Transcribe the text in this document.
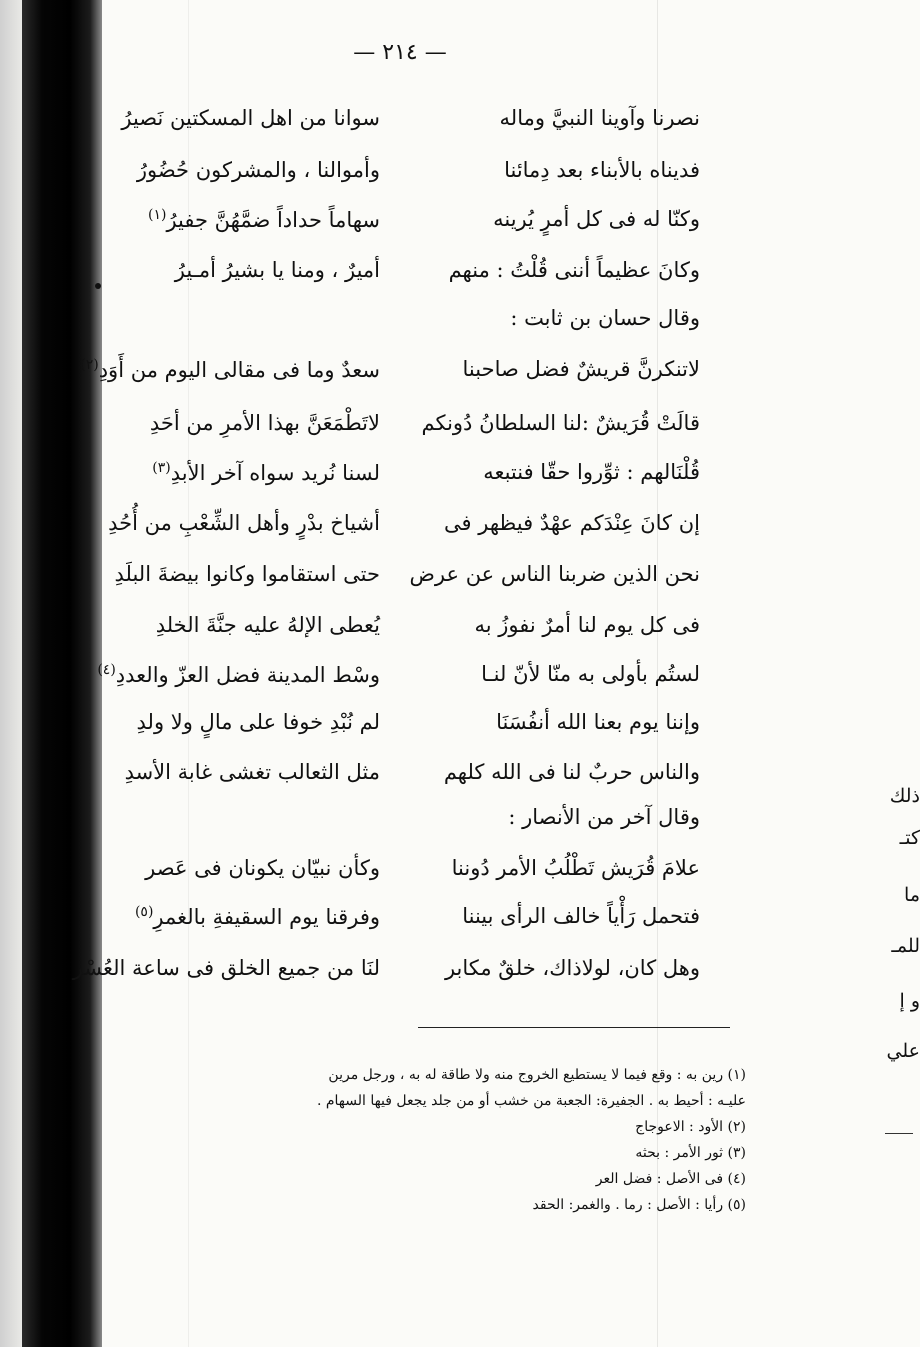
— ٢١٤ —
نصرنا وآوينا النبيَّ وماله
سوانا من اهل المسكتين نَصيرُ
فديناه بالأبناء بعد دِمائنا
وأموالنا ، والمشركون حُضُورُ
وكنّا له فى كل أمرٍ يُرينه
سهاماً حداداً ضمَّهُنَّ جفيرُ$^{(١)}$
وكانَ عظيماً أننى قُلْتُ : منهم
أميرٌ ، ومنا يا بشيرُ أمـيرُ
وقال حسان بن ثابت :
لاتنكرنَّ قريشٌ فضل صاحبنا
سعدٌ وما فى مقالى اليوم من أَوَدِ$^{(٢)}$
قالَتْ قُرَيشٌ :لنا السلطانُ دُونكم
لاتَطْمَعَنَّ بهذا الأمرِ من أحَدِ
قُلْنَالهم : ثوِّروا حقّا فنتبعه
لسنا نُريد سواه آخر الأبدِ$^{(٣)}$
إن كانَ عِنْدَكم عهْدٌ فيظهر فى
أشياخ بدْرٍ وأهل الشِّعْبِ من أُحُدِ
نحن الذين ضربنا الناس عن عرض
حتى استقاموا وكانوا بيضةَ البلَدِ
فى كل يوم لنا أمرٌ نفوزُ به
يُعطى الإلهُ عليه جنَّةَ الخلدِ
لستُم بأولى به منّا لأنّ لنـا
وسْط المدينة فضل العزّ والعددِ$^{(٤)}$
وإننا يوم بعنا الله أنفُسَنَا
لم نُبْدِ خوفا على مالٍ ولا ولدِ
والناس حربٌ لنا فى الله كلهم
مثل الثعالب تغشى غابة الأسدِ
وقال آخر من الأنصار :
علامَ قُرَيش تَطْلُبُ الأمر دُوننا
وكأن نبيّان يكونان فى عَصر
فتحمل رَأْياً خالف الرأى بيننا
وفرقنا يوم السقيفةِ بالغمرِ$^{(٥)}$
وهل كان، لولاذاك، خلقٌ مكابر
لنَا من جميع الخلق فى ساعة العُسْر
(١) رين به : وقع فيما لا يستطيع الخروج منه ولا طاقة له به ، ورجل مرين
عليـه : أحيط به . الجفيرة: الجعبة من خشب أو من جلد يجعل فيها السهام .
(٢) الأود : الاعوجاج
(٣) ثور الأمر : بحثه
(٤) فى الأصل : فضل العر
(٥) رأيا : الأصل : رما . والغمر: الحقد
ذلك
كتـ
ما
للمـ
و إ
علي
